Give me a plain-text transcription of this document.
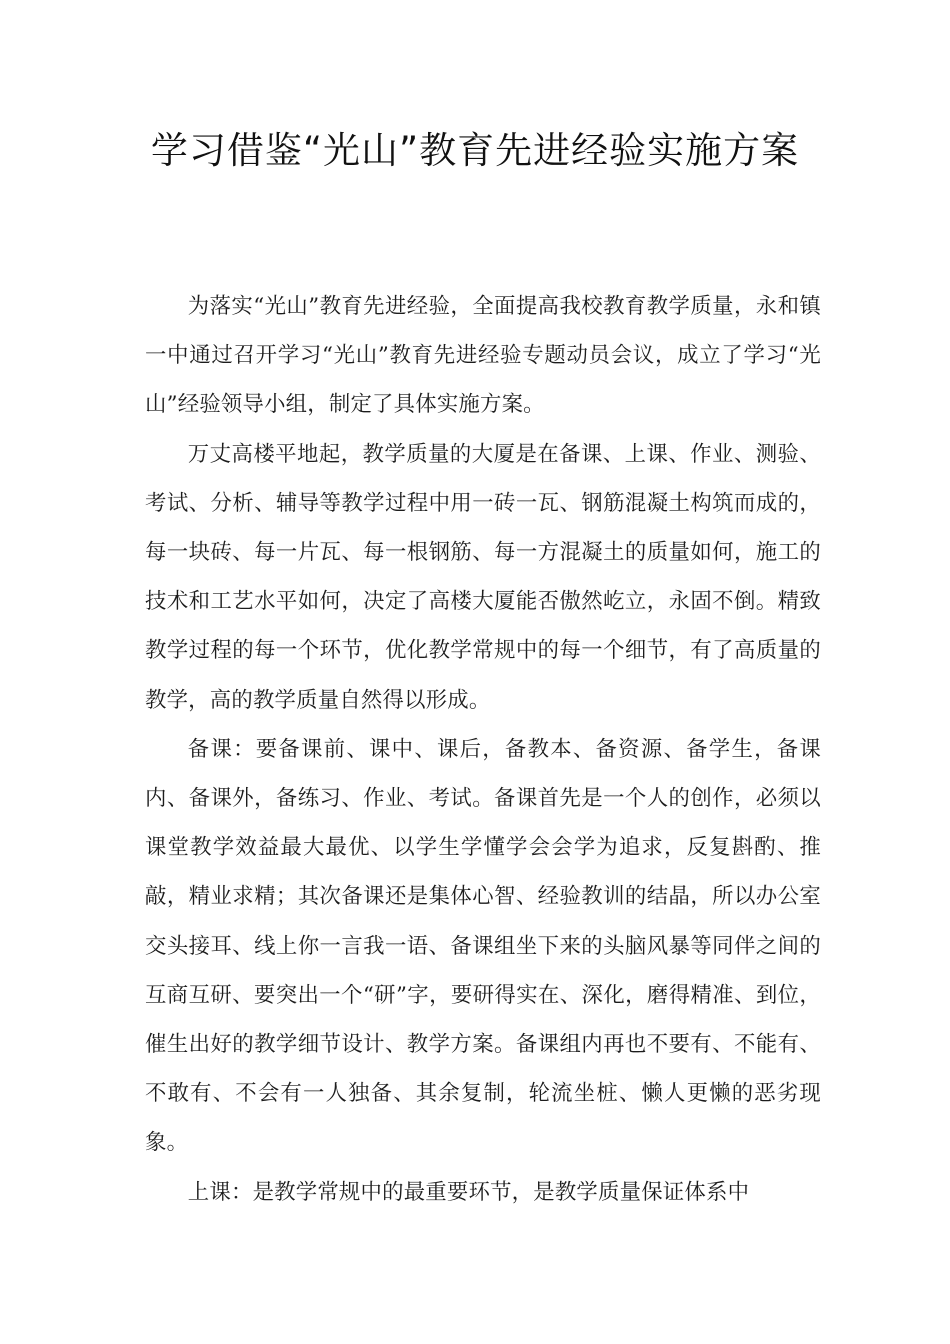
学习借鉴“光山”教育先进经验实施方案

为落实“光山”教育先进经验，全面提高我校教育教学质量，永和镇一中通过召开学习“光山”教育先进经验专题动员会议，成立了学习“光山”经验领导小组，制定了具体实施方案。

万丈高楼平地起，教学质量的大厦是在备课、上课、作业、测验、考试、分析、辅导等教学过程中用一砖一瓦、钢筋混凝土构筑而成的，每一块砖、每一片瓦、每一根钢筋、每一方混凝土的质量如何，施工的技术和工艺水平如何，决定了高楼大厦能否傲然屹立，永固不倒。精致教学过程的每一个环节，优化教学常规中的每一个细节，有了高质量的教学，高的教学质量自然得以形成。

备课：要备课前、课中、课后，备教本、备资源、备学生，备课内、备课外，备练习、作业、考试。备课首先是一个人的创作，必须以课堂教学效益最大最优、以学生学懂学会会学为追求，反复斟酌、推敲，精业求精；其次备课还是集体心智、经验教训的结晶，所以办公室交头接耳、线上你一言我一语、备课组坐下来的头脑风暴等同伴之间的互商互研、要突出一个“研”字，要研得实在、深化，磨得精准、到位，催生出好的教学细节设计、教学方案。备课组内再也不要有、不能有、不敢有、不会有一人独备、其余复制，轮流坐桩、懒人更懒的恶劣现象。

上课：是教学常规中的最重要环节，是教学质量保证体系中
